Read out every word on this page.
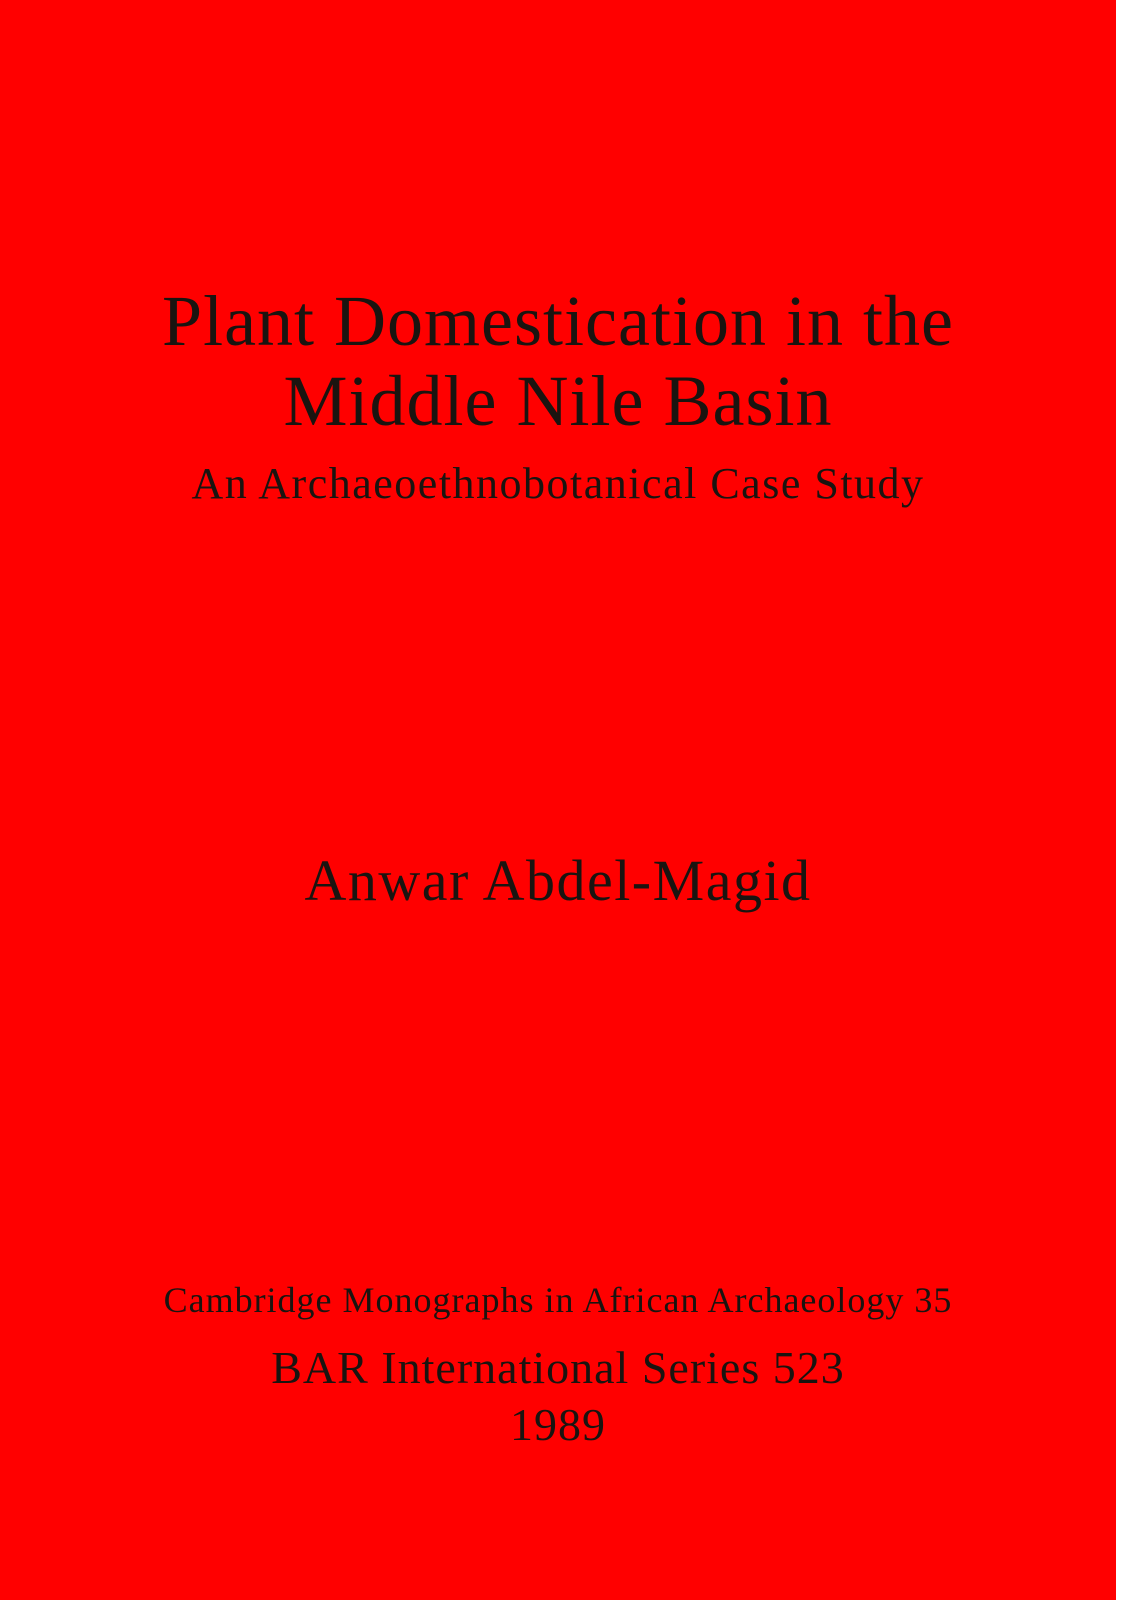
Plant Domestication in the
Middle Nile Basin
An Archaeoethnobotanical Case Study
Anwar Abdel-Magid
Cambridge Monographs in African Archaeology 35
BAR International Series 523
1989
